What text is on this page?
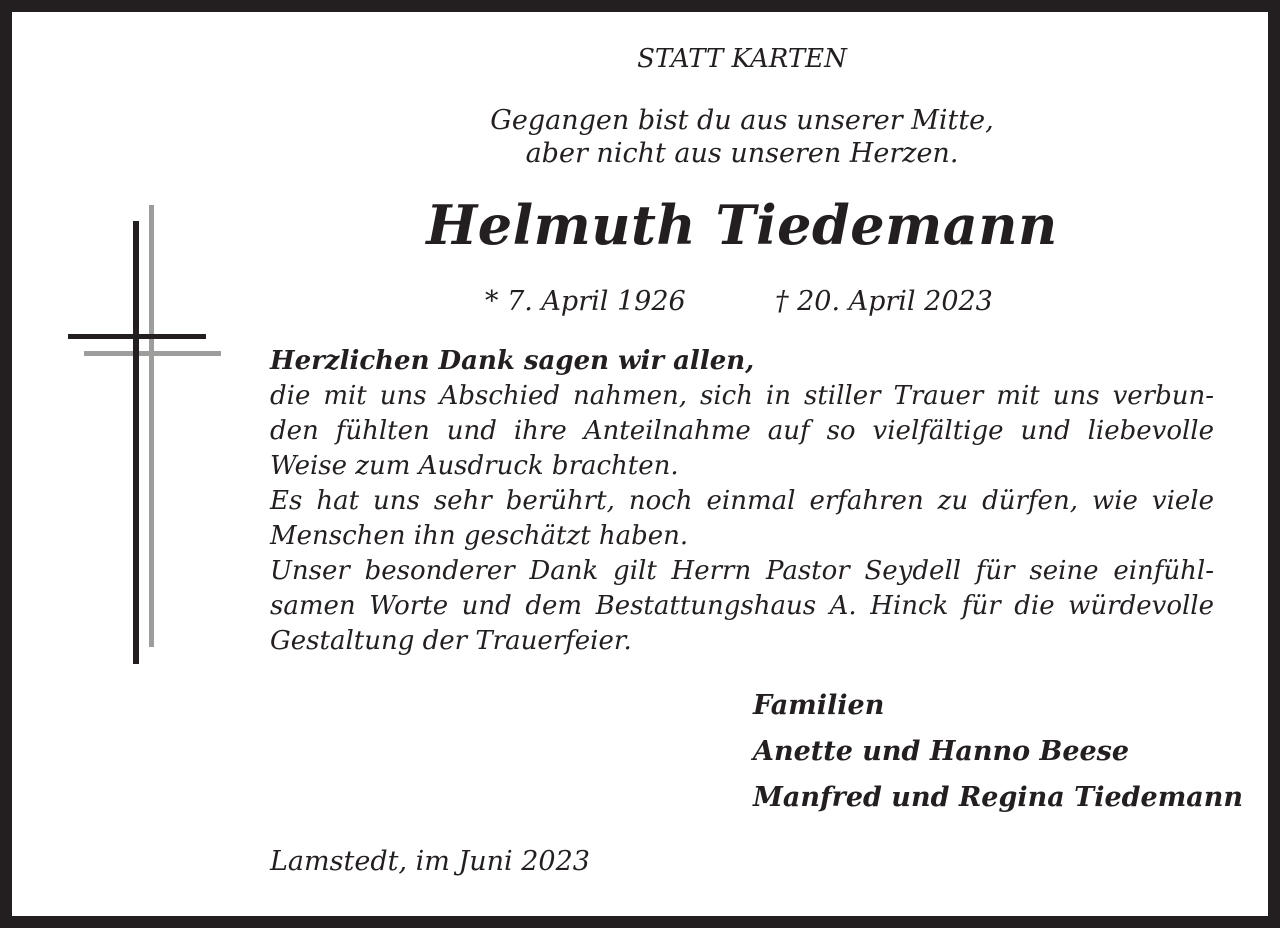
STATT KARTEN
Gegangen bist du aus unserer Mitte,
aber nicht aus unseren Herzen.
Helmuth Tiedemann
* 7. April 1926	† 20. April 2023
Herzlichen Dank sagen wir allen,
die mit uns Abschied nahmen, sich in stiller Trauer mit uns verbun-
den fühlten und ihre Anteilnahme auf so vielfältige und liebevolle
Weise zum Ausdruck brachten.
Es hat uns sehr berührt, noch einmal erfahren zu dürfen, wie viele
Menschen ihn geschätzt haben.
Unser besonderer Dank gilt Herrn Pastor Seydell für seine einfühl-
samen Worte und dem Bestattungshaus A. Hinck für die würdevolle
Gestaltung der Trauerfeier.
Familien
Anette und Hanno Beese
Manfred und Regina Tiedemann
Lamstedt, im Juni 2023
